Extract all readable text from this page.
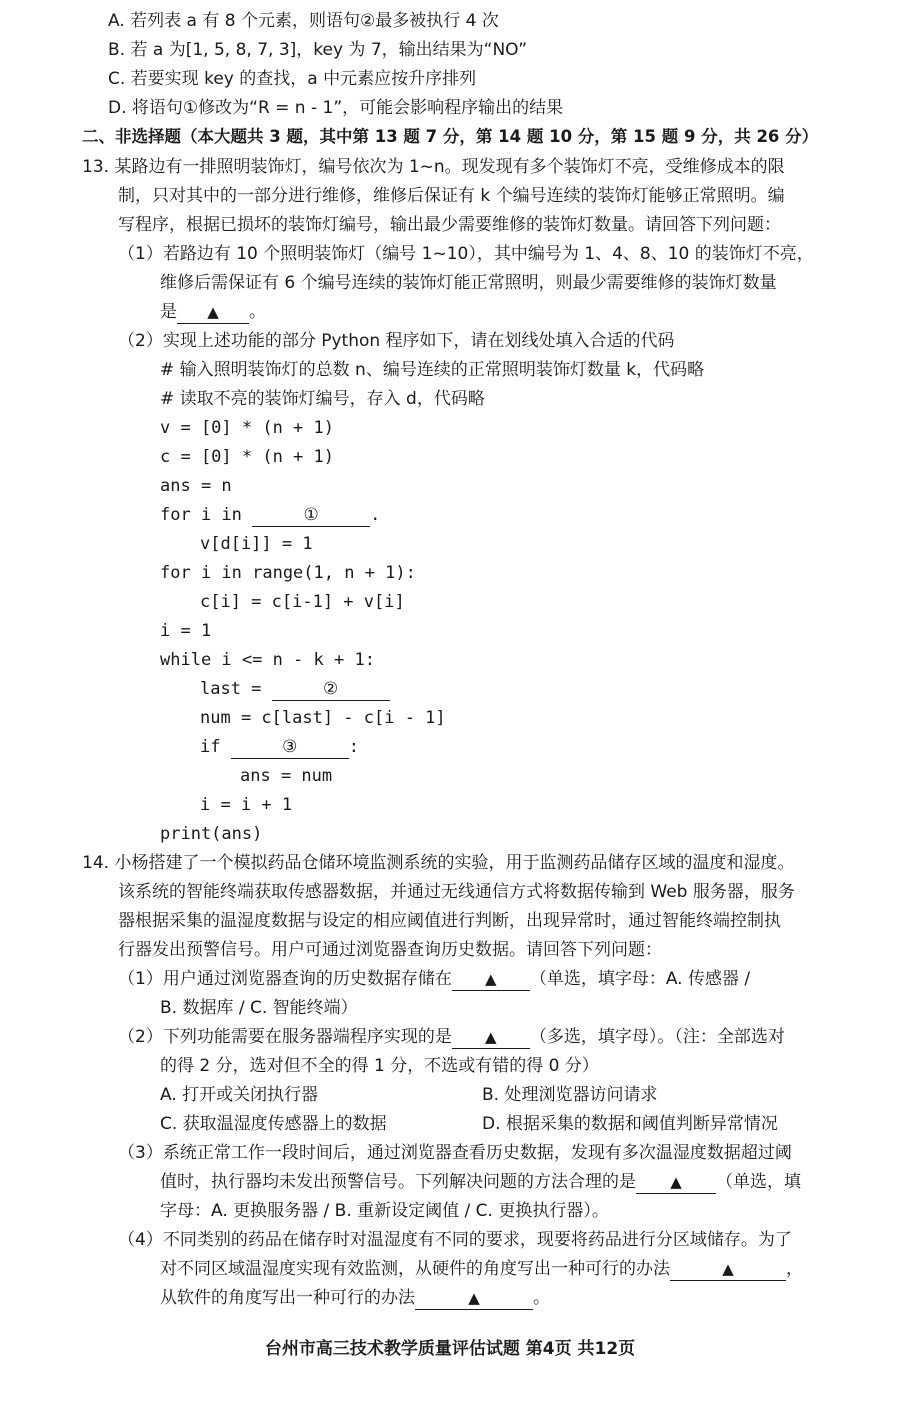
A. 若列表 a 有 8 个元素，则语句②最多被执行 4 次
B. 若 a 为[1, 5, 8, 7, 3]，key 为 7，输出结果为“NO”
C. 若要实现 key 的查找，a 中元素应按升序排列
D. 将语句①修改为“R = n - 1”，可能会影响程序输出的结果
二、非选择题（本大题共 3 题，其中第 13 题 7 分，第 14 题 10 分，第 15 题 9 分，共 26 分）
13. 某路边有一排照明装饰灯，编号依次为 1~n。现发现有多个装饰灯不亮，受维修成本的限
制，只对其中的一部分进行维修，维修后保证有 k 个编号连续的装饰灯能够正常照明。编
写程序，根据已损坏的装饰灯编号，输出最少需要维修的装饰灯数量。请回答下列问题：
（1）若路边有 10 个照明装饰灯（编号 1~10），其中编号为 1、4、8、10 的装饰灯不亮，
维修后需保证有 6 个编号连续的装饰灯能正常照明，则最少需要维修的装饰灯数量
是 ▲ 。
（2）实现上述功能的部分 Python 程序如下，请在划线处填入合适的代码
# 输入照明装饰灯的总数 n、编号连续的正常照明装饰灯数量 k，代码略
# 读取不亮的装饰灯编号，存入 d，代码略
v = [0] * (n + 1)
c = [0] * (n + 1)
ans = n
for i in	①	.
v[d[i]] = 1
for i in range(1, n + 1):
c[i] = c[i-1] + v[i]
i = 1
while i <= n - k + 1:
last =	②
num = c[last] - c[i - 1]
if	③	:
ans = num
i = i + 1
print(ans)
14. 小杨搭建了一个模拟药品仓储环境监测系统的实验，用于监测药品储存区域的温度和湿度。
该系统的智能终端获取传感器数据，并通过无线通信方式将数据传输到 Web 服务器，服务
器根据采集的温湿度数据与设定的相应阈值进行判断，出现异常时，通过智能终端控制执
行器发出预警信号。用户可通过浏览器查询历史数据。请回答下列问题：
（1）用户通过浏览器查询的历史数据存储在 ▲ （单选，填字母：A. 传感器 /
B. 数据库 / C. 智能终端）
（2）下列功能需要在服务器端程序实现的是 ▲ （多选，填字母）。（注：全部选对
的得 2 分，选对但不全的得 1 分，不选或有错的得 0 分）
A. 打开或关闭执行器	B. 处理浏览器访问请求
C. 获取温湿度传感器上的数据	D. 根据采集的数据和阈值判断异常情况
（3）系统正常工作一段时间后，通过浏览器查看历史数据，发现有多次温湿度数据超过阈
值时，执行器均未发出预警信号。下列解决问题的方法合理的是 ▲ （单选，填
字母：A. 更换服务器 / B. 重新设定阈值 / C. 更换执行器）。
（4）不同类别的药品在储存时对温湿度有不同的要求，现要将药品进行分区域储存。为了
对不同区域温湿度实现有效监测，从硬件的角度写出一种可行的办法	▲	，
从软件的角度写出一种可行的办法	▲	。
台州市高三技术教学质量评估试题 第4页 共12页
